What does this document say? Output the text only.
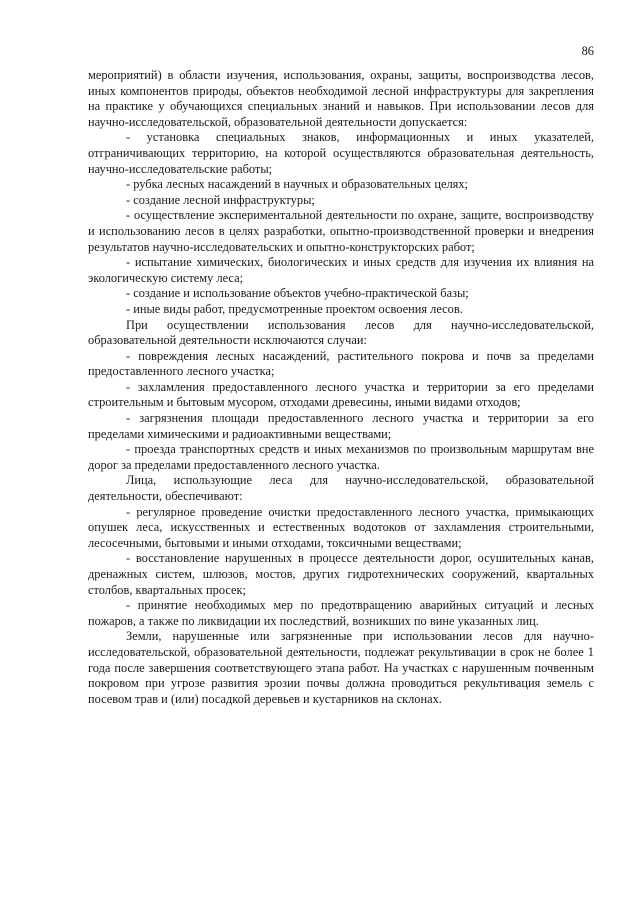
86

мероприятий) в области изучения, использования, охраны, защиты, воспроизводства лесов, иных компонентов природы, объектов необходимой лесной инфраструктуры для закрепления на практике у обучающихся специальных знаний и навыков. При использовании лесов для научно-исследовательской, образовательной деятельности допускается:

- установка специальных знаков, информационных и иных указателей, отграничивающих территорию, на которой осуществляются образовательная деятельность, научно-исследовательские работы;

- рубка лесных насаждений в научных и образовательных целях;

- создание лесной инфраструктуры;

- осуществление экспериментальной деятельности по охране, защите, воспроизводству и использованию лесов в целях разработки, опытно-производственной проверки и внедрения результатов научно-исследовательских и опытно-конструкторских работ;

- испытание химических, биологических и иных средств для изучения их влияния на экологическую систему леса;

- создание и использование объектов учебно-практической базы;

- иные виды работ, предусмотренные проектом освоения лесов.

При осуществлении использования лесов для научно-исследовательской, образовательной деятельности исключаются случаи:

- повреждения лесных насаждений, растительного покрова и почв за пределами предоставленного лесного участка;

- захламления предоставленного лесного участка и территории за его пределами строительным и бытовым мусором, отходами древесины, иными видами отходов;

- загрязнения площади предоставленного лесного участка и территории за его пределами химическими и радиоактивными веществами;

- проезда транспортных средств и иных механизмов по произвольным маршрутам вне дорог за пределами предоставленного лесного участка.

Лица, использующие леса для научно-исследовательской, образовательной деятельности, обеспечивают:

- регулярное проведение очистки предоставленного лесного участка, примыкающих опушек леса, искусственных и естественных водотоков от захламления строительными, лесосечными, бытовыми и иными отходами, токсичными веществами;

- восстановление нарушенных в процессе деятельности дорог, осушительных канав, дренажных систем, шлюзов, мостов, других гидротехнических сооружений, квартальных столбов, квартальных просек;

- принятие необходимых мер по предотвращению аварийных ситуаций и лесных пожаров, а также по ликвидации их последствий, возникших по вине указанных лиц.

Земли, нарушенные или загрязненные при использовании лесов для научно-исследовательской, образовательной деятельности, подлежат рекультивации в срок не более 1 года после завершения соответствующего этапа работ. На участках с нарушенным почвенным покровом при угрозе развития эрозии почвы должна проводиться рекультивация земель с посевом трав и (или) посадкой деревьев и кустарников на склонах.
